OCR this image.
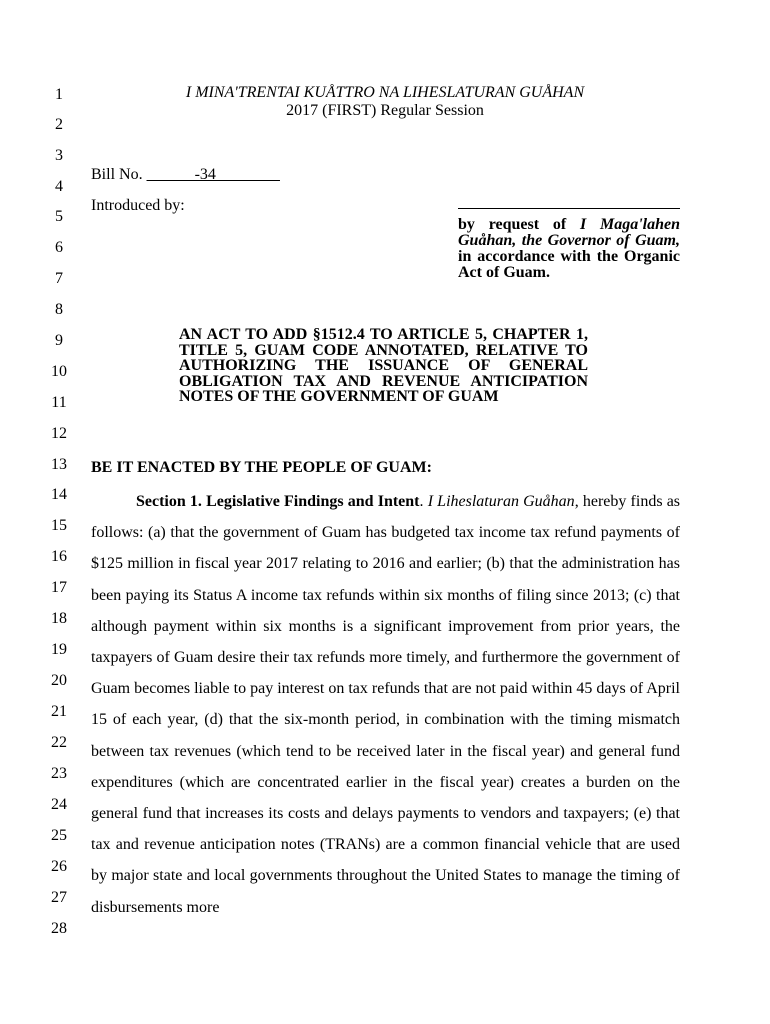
1
2
3
4
5
6
7
8
9
10
11
12
13
14
15
16
17
18
19
20
21
22
23
24
25
26
27
28
I MINA'TRENTAI KUÅTTRO NA LIHESLATURAN GUÅHAN
2017 (FIRST) Regular Session
Bill No. ______-34________
Introduced by:
by request of I Maga'lahen Guåhan, the Governor of Guam, in accordance with the Organic Act of Guam.
AN ACT TO ADD §1512.4 TO ARTICLE 5, CHAPTER 1, TITLE 5, GUAM CODE ANNOTATED, RELATIVE TO AUTHORIZING THE ISSUANCE OF GENERAL OBLIGATION TAX AND REVENUE ANTICIPATION NOTES OF THE GOVERNMENT OF GUAM
BE IT ENACTED BY THE PEOPLE OF GUAM:
Section 1. Legislative Findings and Intent. I Liheslaturan Guåhan, hereby finds as follows: (a) that the government of Guam has budgeted tax income tax refund payments of $125 million in fiscal year 2017 relating to 2016 and earlier; (b) that the administration has been paying its Status A income tax refunds within six months of filing since 2013; (c) that although payment within six months is a significant improvement from prior years, the taxpayers of Guam desire their tax refunds more timely, and furthermore the government of Guam becomes liable to pay interest on tax refunds that are not paid within 45 days of April 15 of each year, (d) that the six-month period, in combination with the timing mismatch between tax revenues (which tend to be received later in the fiscal year) and general fund expenditures (which are concentrated earlier in the fiscal year) creates a burden on the general fund that increases its costs and delays payments to vendors and taxpayers; (e) that tax and revenue anticipation notes (TRANs) are a common financial vehicle that are used by major state and local governments throughout the United States to manage the timing of disbursements more
